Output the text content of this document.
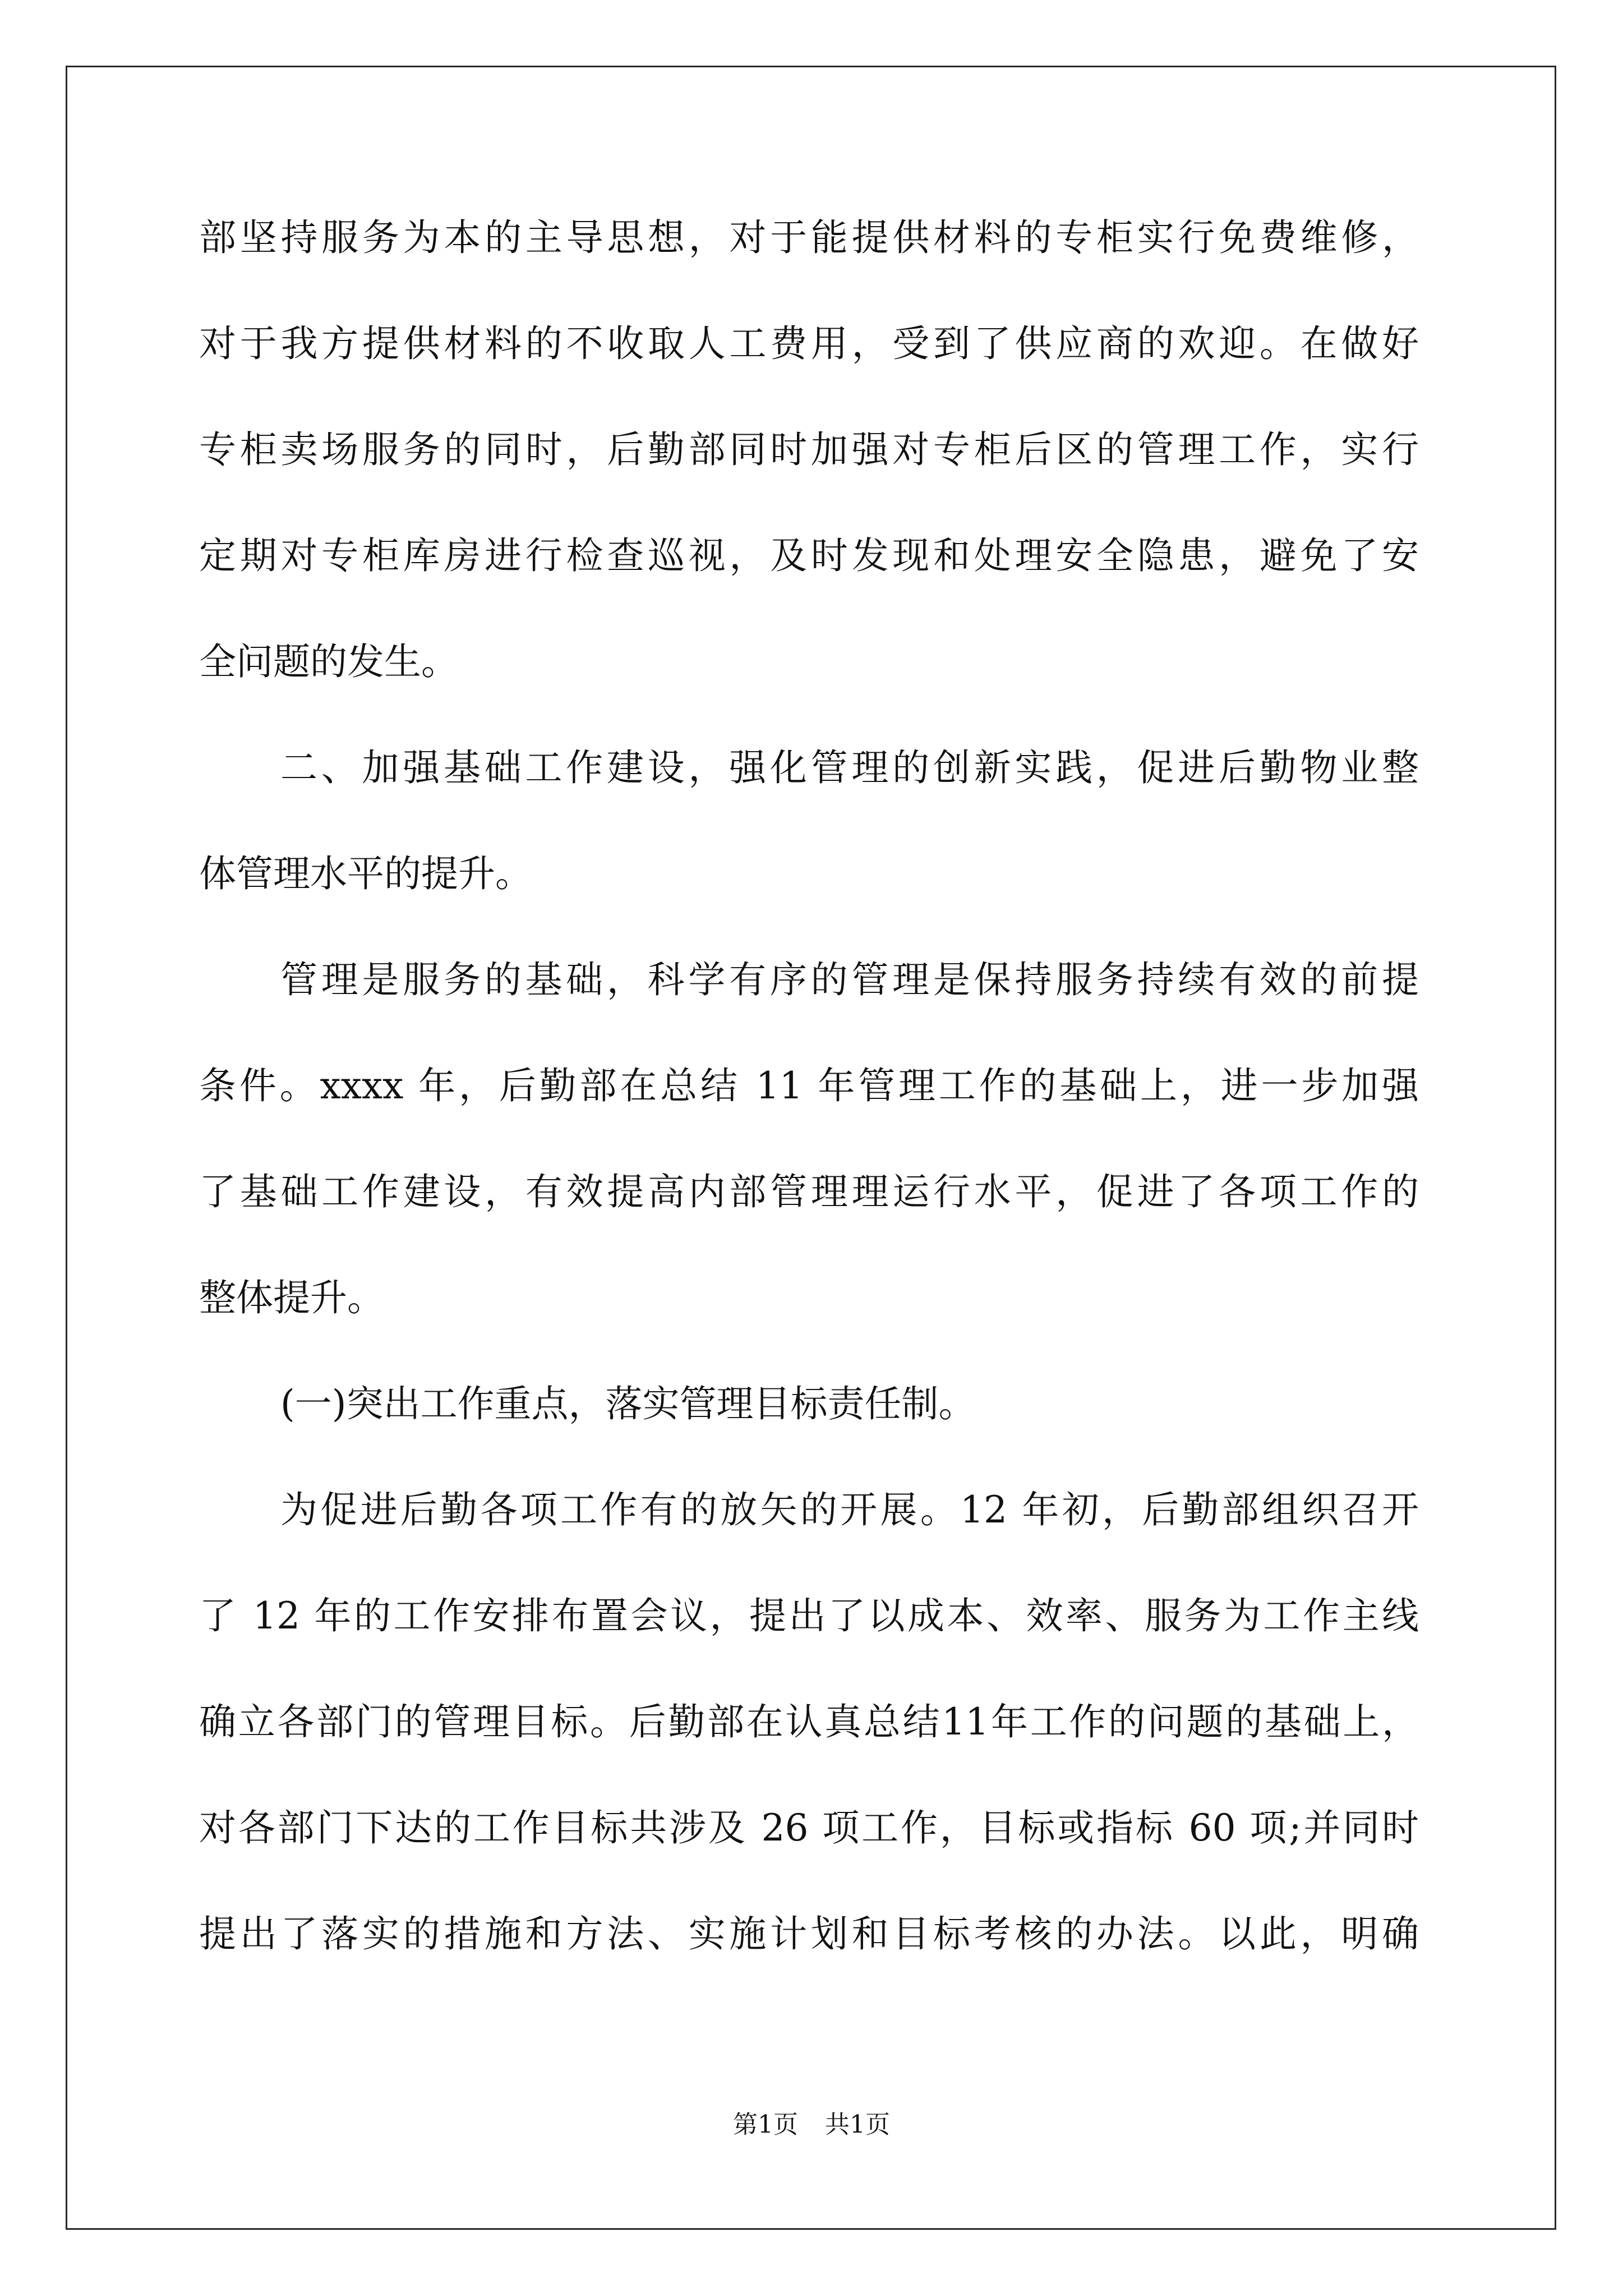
部坚持服务为本的主导思想，对于能提供材料的专柜实行免费维修，
对于我方提供材料的不收取人工费用，受到了供应商的欢迎。在做好
专柜卖场服务的同时，后勤部同时加强对专柜后区的管理工作，实行
定期对专柜库房进行检查巡视，及时发现和处理安全隐患，避免了安
全问题的发生。
二、加强基础工作建设，强化管理的创新实践，促进后勤物业整
体管理水平的提升。
管理是服务的基础，科学有序的管理是保持服务持续有效的前提
条件。xxxx 年，后勤部在总结 11 年管理工作的基础上，进一步加强
了基础工作建设，有效提高内部管理理运行水平，促进了各项工作的
整体提升。
(一)突出工作重点，落实管理目标责任制。
为促进后勤各项工作有的放矢的开展。12 年初，后勤部组织召开
了 12 年的工作安排布置会议，提出了以成本、效率、服务为工作主线
确立各部门的管理目标。后勤部在认真总结11年工作的问题的基础上，
对各部门下达的工作目标共涉及 26 项工作，目标或指标 60 项;并同时
提出了落实的措施和方法、实施计划和目标考核的办法。以此，明确
第1页 共1页
